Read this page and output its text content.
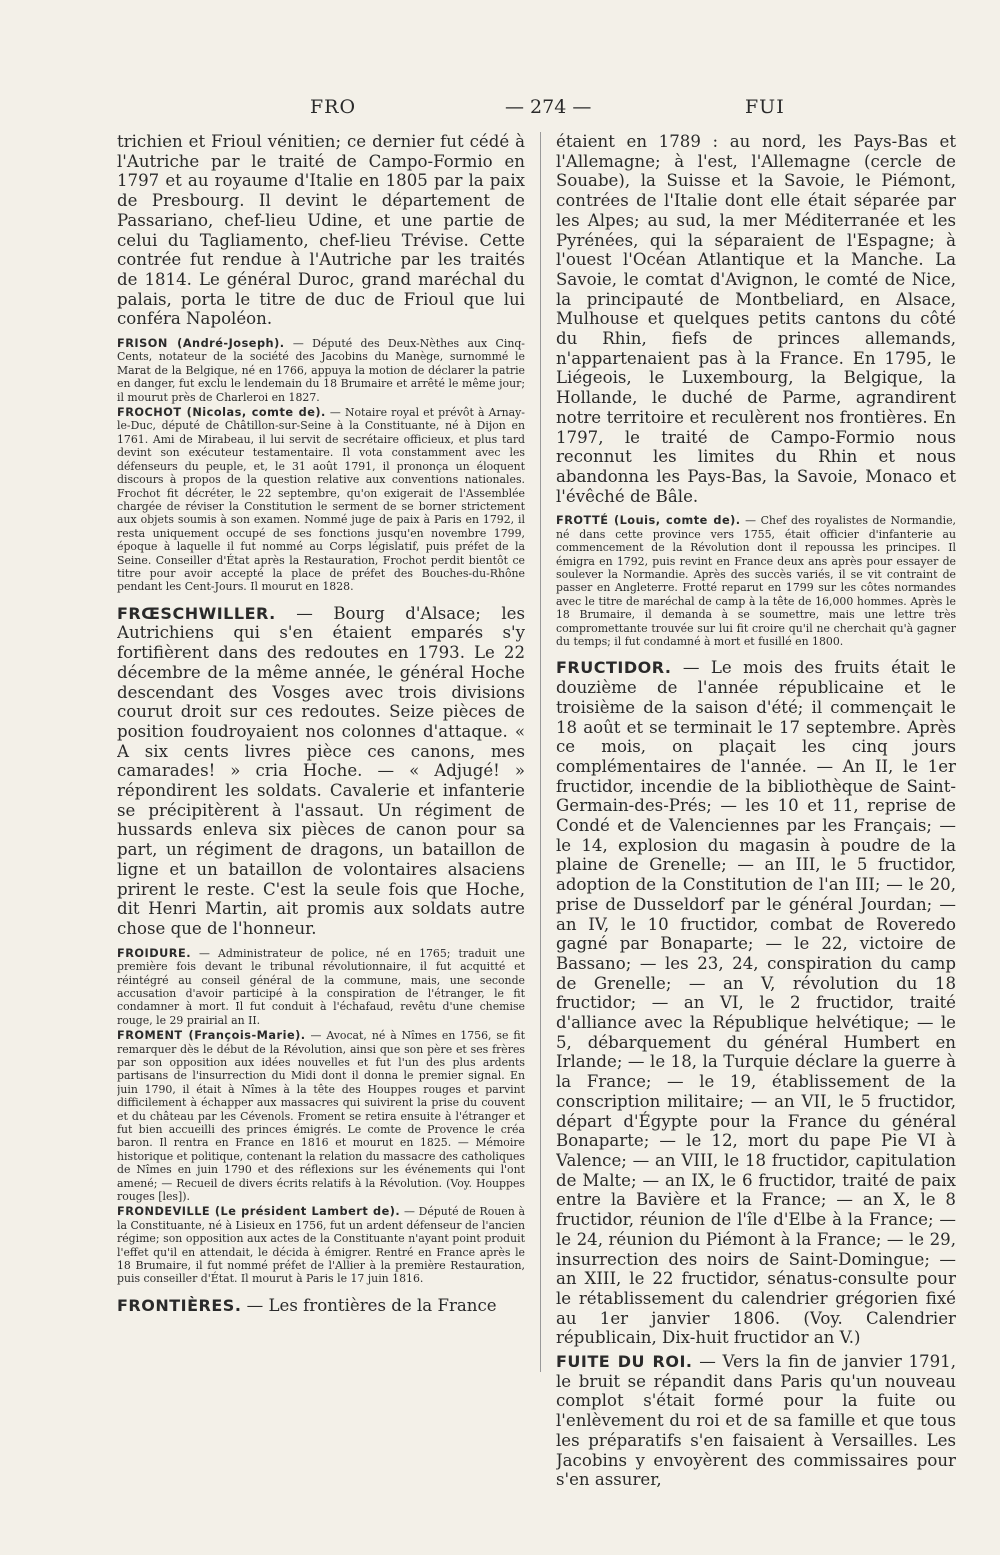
FRO	— 274 —	FUI

trichien et Frioul vénitien; ce dernier fut cédé à l'Autriche par le traité de Campo-Formio en 1797 et au royaume d'Italie en 1805 par la paix de Presbourg. Il devint le département de Passariano, chef-lieu Udine, et une partie de celui du Tagliamento, chef-lieu Trévise. Cette contrée fut rendue à l'Autriche par les traités de 1814. Le général Duroc, grand maréchal du palais, porta le titre de duc de Frioul que lui conféra Napoléon.

FRISON (André-Joseph). — Député des Deux-Nèthes aux Cinq-Cents, notateur de la société des Jacobins du Manège, surnommé le Marat de la Belgique, né en 1766, appuya la motion de déclarer la patrie en danger, fut exclu le lendemain du 18 Brumaire et arrêté le même jour; il mourut près de Charleroi en 1827.

FROCHOT (Nicolas, comte de). — Notaire royal et prévôt à Arnay-le-Duc, député de Châtillon-sur-Seine à la Constituante, né à Dijon en 1761. Ami de Mirabeau, il lui servit de secrétaire officieux, et plus tard devint son exécuteur testamentaire. Il vota constamment avec les défenseurs du peuple, et, le 31 août 1791, il prononça un éloquent discours à propos de la question relative aux conventions nationales. Frochot fit décréter, le 22 septembre, qu'on exigerait de l'Assemblée chargée de réviser la Constitution le serment de se borner strictement aux objets soumis à son examen. Nommé juge de paix à Paris en 1792, il resta uniquement occupé de ses fonctions jusqu'en novembre 1799, époque à laquelle il fut nommé au Corps législatif, puis préfet de la Seine. Conseiller d'État après la Restauration, Frochot perdit bientôt ce titre pour avoir accepté la place de préfet des Bouches-du-Rhône pendant les Cent-Jours. Il mourut en 1828.

FRŒSCHWILLER. — Bourg d'Alsace; les Autrichiens qui s'en étaient emparés s'y fortifièrent dans des redoutes en 1793. Le 22 décembre de la même année, le général Hoche descendant des Vosges avec trois divisions courut droit sur ces redoutes. Seize pièces de position foudroyaient nos colonnes d'attaque. « A six cents livres pièce ces canons, mes camarades! » cria Hoche. — « Adjugé! » répondirent les soldats. Cavalerie et infanterie se précipitèrent à l'assaut. Un régiment de hussards enleva six pièces de canon pour sa part, un régiment de dragons, un bataillon de ligne et un bataillon de volontaires alsaciens prirent le reste. C'est la seule fois que Hoche, dit Henri Martin, ait promis aux soldats autre chose que de l'honneur.

FROIDURE. — Administrateur de police, né en 1765; traduit une première fois devant le tribunal révolutionnaire, il fut acquitté et réintégré au conseil général de la commune, mais, une seconde accusation d'avoir participé à la conspiration de l'étranger, le fit condamner à mort. Il fut conduit à l'échafaud, revêtu d'une chemise rouge, le 29 prairial an II.

FROMENT (François-Marie). — Avocat, né à Nîmes en 1756, se fit remarquer dès le début de la Révolution, ainsi que son père et ses frères par son opposition aux idées nouvelles et fut l'un des plus ardents partisans de l'insurrection du Midi dont il donna le premier signal. En juin 1790, il était à Nîmes à la tête des Houppes rouges et parvint difficilement à échapper aux massacres qui suivirent la prise du couvent et du château par les Cévenols. Froment se retira ensuite à l'étranger et fut bien accueilli des princes émigrés. Le comte de Provence le créa baron. Il rentra en France en 1816 et mourut en 1825. — Mémoire historique et politique, contenant la relation du massacre des catholiques de Nîmes en juin 1790 et des réflexions sur les événements qui l'ont amené; — Recueil de divers écrits relatifs à la Révolution. (Voy. Houppes rouges [les]).

FRONDEVILLE (Le président Lambert de). — Député de Rouen à la Constituante, né à Lisieux en 1756, fut un ardent défenseur de l'ancien régime; son opposition aux actes de la Constituante n'ayant point produit l'effet qu'il en attendait, le décida à émigrer. Rentré en France après le 18 Brumaire, il fut nommé préfet de l'Allier à la première Restauration, puis conseiller d'État. Il mourut à Paris le 17 juin 1816.

FRONTIÈRES. — Les frontières de la France

étaient en 1789 : au nord, les Pays-Bas et l'Allemagne; à l'est, l'Allemagne (cercle de Souabe), la Suisse et la Savoie, le Piémont, contrées de l'Italie dont elle était séparée par les Alpes; au sud, la mer Méditerranée et les Pyrénées, qui la séparaient de l'Espagne; à l'ouest l'Océan Atlantique et la Manche. La Savoie, le comtat d'Avignon, le comté de Nice, la principauté de Montbeliard, en Alsace, Mulhouse et quelques petits cantons du côté du Rhin, fiefs de princes allemands, n'appartenaient pas à la France. En 1795, le Liégeois, le Luxembourg, la Belgique, la Hollande, le duché de Parme, agrandirent notre territoire et reculèrent nos frontières. En 1797, le traité de Campo-Formio nous reconnut les limites du Rhin et nous abandonna les Pays-Bas, la Savoie, Monaco et l'évêché de Bâle.

FROTTÉ (Louis, comte de). — Chef des royalistes de Normandie, né dans cette province vers 1755, était officier d'infanterie au commencement de la Révolution dont il repoussa les principes. Il émigra en 1792, puis revint en France deux ans après pour essayer de soulever la Normandie. Après des succès variés, il se vit contraint de passer en Angleterre. Frotté reparut en 1799 sur les côtes normandes avec le titre de maréchal de camp à la tête de 16,000 hommes. Après le 18 Brumaire, il demanda à se soumettre, mais une lettre très compromettante trouvée sur lui fit croire qu'il ne cherchait qu'à gagner du temps; il fut condamné à mort et fusillé en 1800.

FRUCTIDOR. — Le mois des fruits était le douzième de l'année républicaine et le troisième de la saison d'été; il commençait le 18 août et se terminait le 17 septembre. Après ce mois, on plaçait les cinq jours complémentaires de l'année. — An II, le 1er fructidor, incendie de la bibliothèque de Saint-Germain-des-Prés; — les 10 et 11, reprise de Condé et de Valenciennes par les Français; — le 14, explosion du magasin à poudre de la plaine de Grenelle; — an III, le 5 fructidor, adoption de la Constitution de l'an III; — le 20, prise de Dusseldorf par le général Jourdan; — an IV, le 10 fructidor, combat de Roveredo gagné par Bonaparte; — le 22, victoire de Bassano; — les 23, 24, conspiration du camp de Grenelle; — an V, révolution du 18 fructidor; — an VI, le 2 fructidor, traité d'alliance avec la République helvétique; — le 5, débarquement du général Humbert en Irlande; — le 18, la Turquie déclare la guerre à la France; — le 19, établissement de la conscription militaire; — an VII, le 5 fructidor, départ d'Égypte pour la France du général Bonaparte; — le 12, mort du pape Pie VI à Valence; — an VIII, le 18 fructidor, capitulation de Malte; — an IX, le 6 fructidor, traité de paix entre la Bavière et la France; — an X, le 8 fructidor, réunion de l'île d'Elbe à la France; — le 24, réunion du Piémont à la France; — le 29, insurrection des noirs de Saint-Domingue; — an XIII, le 22 fructidor, sénatus-consulte pour le rétablissement du calendrier grégorien fixé au 1er janvier 1806. (Voy. Calendrier républicain, Dix-huit fructidor an V.)

FUITE DU ROI. — Vers la fin de janvier 1791, le bruit se répandit dans Paris qu'un nouveau complot s'était formé pour la fuite ou l'enlèvement du roi et de sa famille et que tous les préparatifs s'en faisaient à Versailles. Les Jacobins y envoyèrent des commissaires pour s'en assurer,
